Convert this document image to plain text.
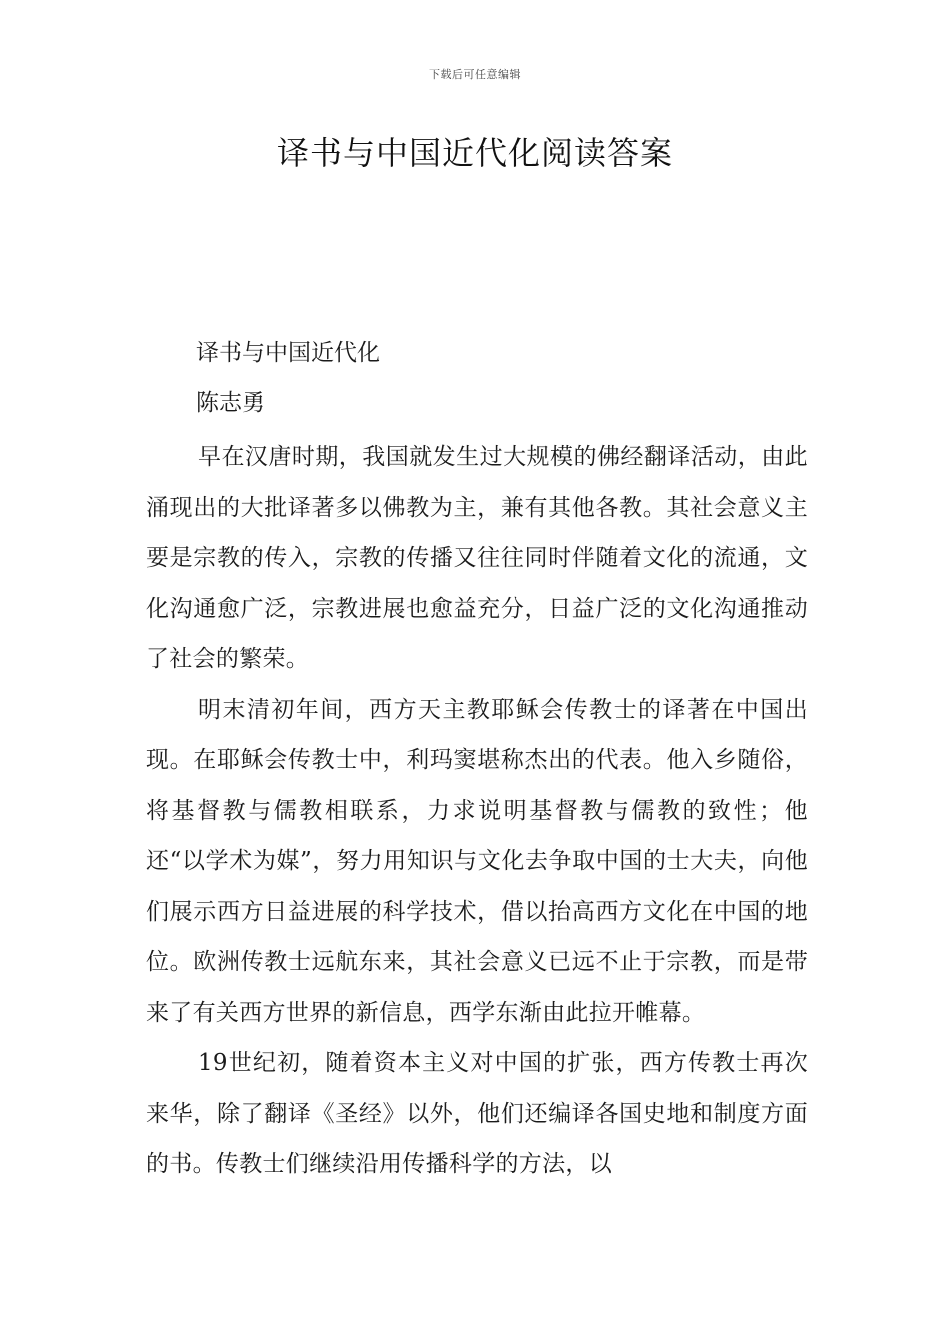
下载后可任意编辑
译书与中国近代化阅读答案
译书与中国近代化
陈志勇

早在汉唐时期，我国就发生过大规模的佛经翻译活动，由此涌现出的大批译著多以佛教为主，兼有其他各教。其社会意义主要是宗教的传入，宗教的传播又往往同时伴随着文化的流通，文化沟通愈广泛，宗教进展也愈益充分，日益广泛的文化沟通推动了社会的繁荣。

明末清初年间，西方天主教耶稣会传教士的译著在中国出现。在耶稣会传教士中，利玛窦堪称杰出的代表。他入乡随俗，将基督教与儒教相联系，力求说明基督教与儒教的致性；他还“以学术为媒”，努力用知识与文化去争取中国的士大夫，向他们展示西方日益进展的科学技术，借以抬高西方文化在中国的地位。欧洲传教士远航东来，其社会意义已远不止于宗教，而是带来了有关西方世界的新信息，西学东渐由此拉开帷幕。

19世纪初，随着资本主义对中国的扩张，西方传教士再次来华，除了翻译《圣经》以外，他们还编译各国史地和制度方面的书。传教士们继续沿用传播科学的方法，以
